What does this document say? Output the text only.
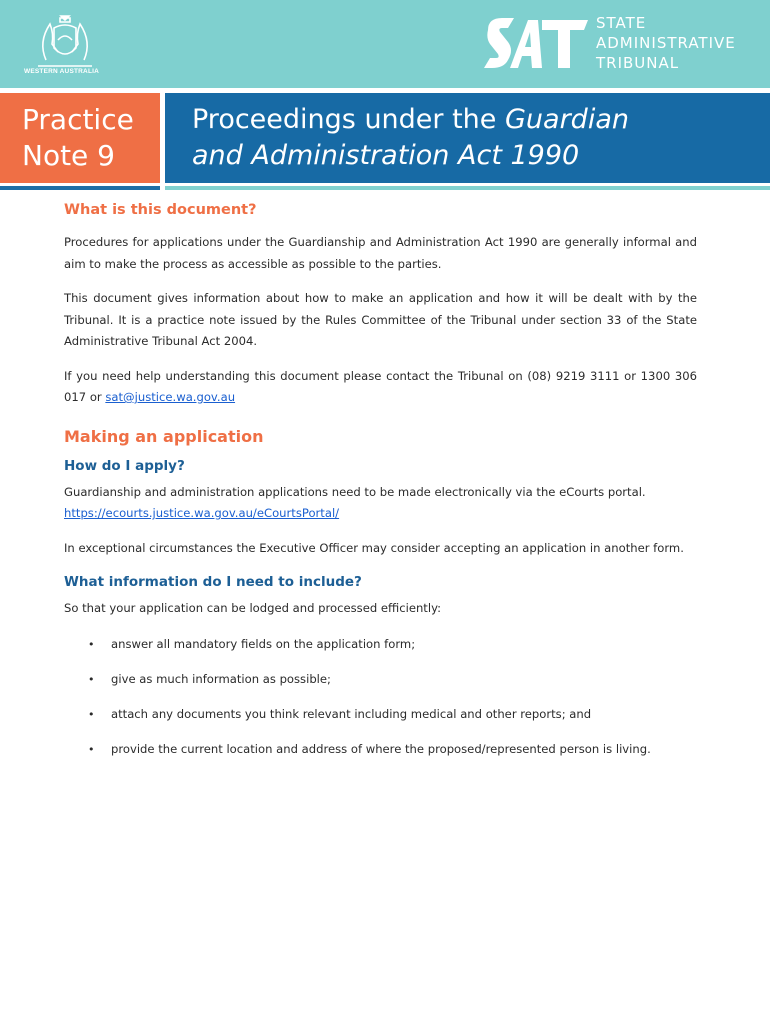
WESTERN AUSTRALIA
STATE
ADMINISTRATIVE
TRIBUNAL
Practice
Note 9
Proceedings under the Guardian
and Administration Act 1990
What is this document?

Procedures for applications under the Guardianship and Administration Act 1990 are generally informal and aim to make the process as accessible as possible to the parties.

This document gives information about how to make an application and how it will be dealt with by the Tribunal. It is a practice note issued by the Rules Committee of the Tribunal under section 33 of the State Administrative Tribunal Act 2004.

If you need help understanding this document please contact the Tribunal on (08) 9219 3111 or 1300 306 017 or sat@justice.wa.gov.au

Making an application
How do I apply?

Guardianship and administration applications need to be made electronically via the eCourts portal.
https://ecourts.justice.wa.gov.au/eCourtsPortal/

In exceptional circumstances the Executive Officer may consider accepting an application in another form.

What information do I need to include?

So that your application can be lodged and processed efficiently:

• answer all mandatory fields on the application form;
• give as much information as possible;
• attach any documents you think relevant including medical and other reports; and
• provide the current location and address of where the proposed/represented person is living.
